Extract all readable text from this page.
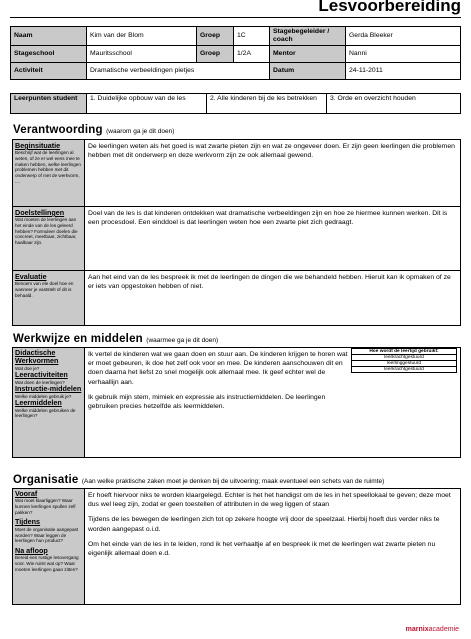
Lesvoorbereiding
Naam	Kim van der Blom	Groep	1C	Stagebegeleider / coach	Gerda Bleeker
Stageschool	Mauritsschool	Groep	1/2A	Mentor	Nanni
Activiteit	Dramatische verbeeldingen pietjes			Datum	24-11-2011
Leerpunten student	1. Duidelijke opbouw van de les	2. Alle kinderen bij de les betrekken	3. Orde en overzicht houden
Verantwoording (waarom ga je dit doen)
Beginsituatie
Beschrijf wat de leerlingen al weten, of ze er wel eens mee te maken hebben, welke leerlingen problemen hebben met dit onderwerp of met de werkvorm, ....	De leerlingen weten als het goed is wat zwarte pieten zijn en wat ze ongeveer doen. Er zijn geen leerlingen die problemen hebben met dit onderwerp en deze werkvorm zijn ze ook allemaal gewend.

Doelstellingen
Wat moeten de leerlingen aan het einde van de les geleerd hebben? Formuleer doelen die concreet, meetbaar, zichtbaar, haalbaar zijn.	Doel van de les is dat kinderen ontdekken wat dramatische verbeeldingen zijn en hoe ze hiermee kunnen werken. Dit is een procesdoel. Een einddoel is dat leerlingen weten hoe een zwarte piet zich gedraagt.

Evaluatie
Benoem van ele doel hoe en wanneer je vaststelt of dit is behaald.	Aan het eind van de les bespreek ik met de leerlingen de dingen die we behandeld hebben. Hieruit kan ik opmaken of ze er iets van opgestoken hebben of niet.
Werkwijze en middelen (waarmee ga je dit doen)
Didactische Werkvormen
Wat doe je?
Leeractiviteiten
Wat doen de leerlingen?
Instructie-middelen
Welke middelen gebruik je?
Leermiddelen
Welke middelen gebruiken de leerlingen?

Ik vertel de kinderen wat we gaan doen en stuur aan. De kinderen krijgen te horen wat er moet gebeuren, ik doe het zelf ook voor en mee. De kinderen aanschouwen dit en doen daarna het liefst zo snel mogelijk ook allemaal mee. Ik geef echter wel de verhaallijn aan.
Ik gebruik mijn stem, mimiek en expressie als instructiemiddelen. De leerlingen gebruiken precies hetzelfde als leermiddelen.
Hoe wordt de leertijd gebruikt:
leerkrachtgestuurd
leerlinggestuurd
leerkrachtgestuurd
Organisatie (Aan welke praktische zaken moet je denken bij de uitvoering; maak eventueel een schets van de ruimte)
Vooraf
Wat moet klaarliggen? Waar kunnen leerlingen spullen zelf pakken?
Tijdens
Moet de organisatie aangepast worden? Waar leggen de leerlingen hun product?
Na afloop
Bereid een rustige lesovergang voor. Wie ruimt wat op? Waar moeten leerlingen gaan zitten?

Er hoeft hiervoor niks te worden klaargelegd. Echter is het het handigst om de les in het speellokaal te geven; deze moet dus wel leeg zijn, zodat er geen toestellen of attributen in de weg liggen of staan
Tijdens de les bewegen de leerlingen zich tot op zekere hoogte vrij door de speelzaal. Hierbij hoeft dus verder niks te worden aangepast o.i.d.
Om het einde van de les in te leiden, rond ik het verhaaltje af en bespreek ik met de leerlingen wat zwarte pieten nu eigenlijk allemaal doen e.d.
marnixacademie
